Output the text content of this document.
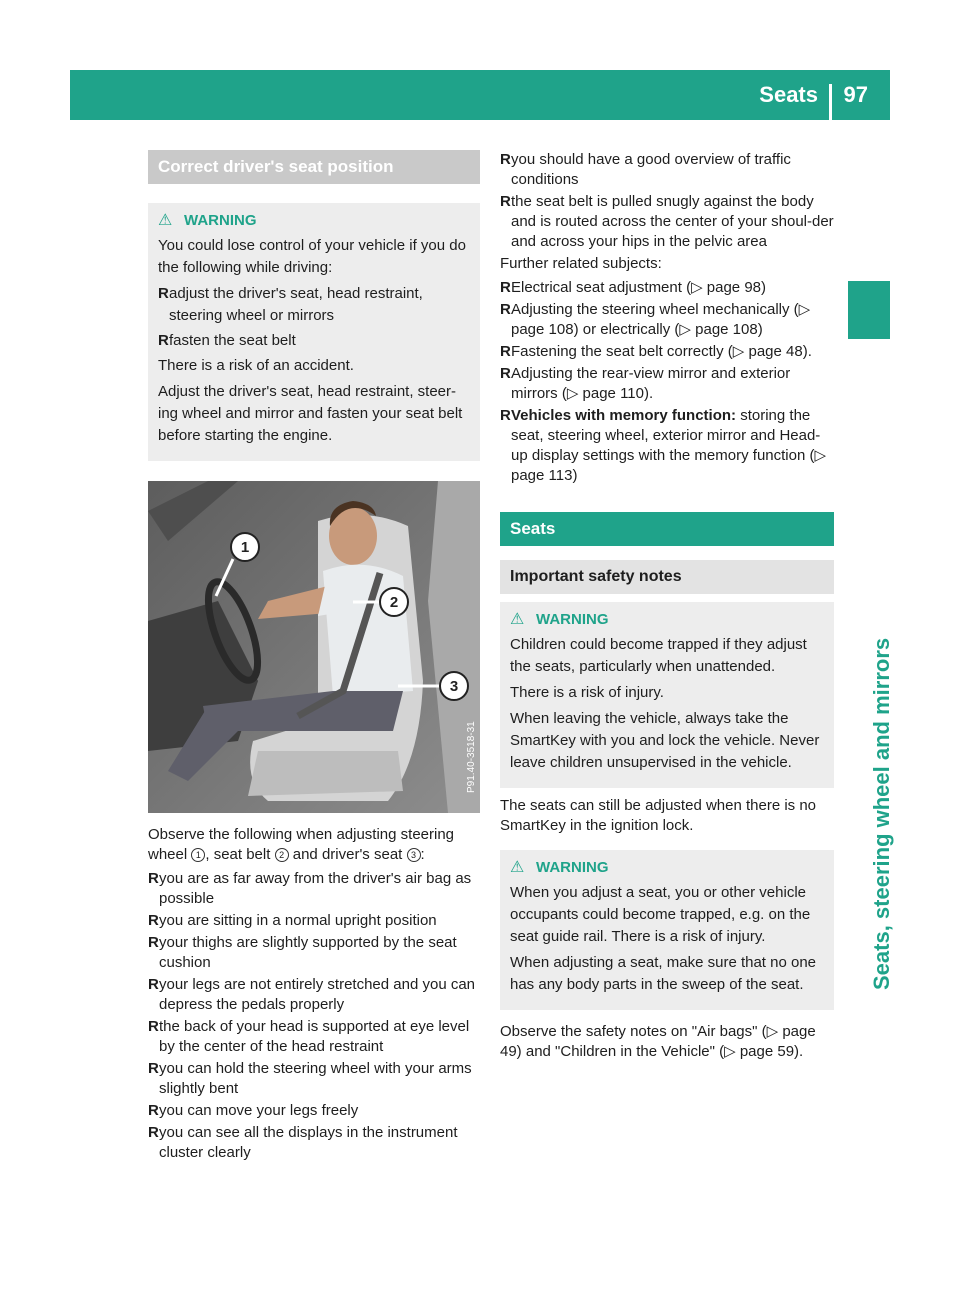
Seats 97
Seats, steering wheel and mirrors
Correct driver's seat position
⚠ WARNING

You could lose control of your vehicle if you do the following while driving:

R adjust the driver's seat, head restraint, steering wheel or mirrors
R fasten the seat belt

There is a risk of an accident.

Adjust the driver's seat, head restraint, steer-ing wheel and mirror and fasten your seat belt before starting the engine.

1
2
3
P91.40-3518-31

Observe the following when adjusting steering wheel 1 , seat belt 2 and driver's seat 3 :

R you are as far away from the driver's air bag as possible
R you are sitting in a normal upright position
R your thighs are slightly supported by the seat cushion
R your legs are not entirely stretched and you can depress the pedals properly
R the back of your head is supported at eye level by the center of the head restraint
R you can hold the steering wheel with your arms slightly bent
R you can move your legs freely
R you can see all the displays in the instrument cluster clearly
R you should have a good overview of traffic conditions
R the seat belt is pulled snugly against the body and is routed across the center of your shoul-der and across your hips in the pelvic area

Further related subjects:

R Electrical seat adjustment (▷ page 98)
R Adjusting the steering wheel mechanically (▷ page 108) or electrically (▷ page 108)
R Fastening the seat belt correctly (▷ page 48).
R Adjusting the rear-view mirror and exterior mirrors (▷ page 110).
R Vehicles with memory function: storing the seat, steering wheel, exterior mirror and Head-up display settings with the memory function (▷ page 113)
Seats
Important safety notes
⚠ WARNING

Children could become trapped if they adjust the seats, particularly when unattended.

There is a risk of injury.

When leaving the vehicle, always take the SmartKey with you and lock the vehicle. Never leave children unsupervised in the vehicle.

The seats can still be adjusted when there is no SmartKey in the ignition lock.

⚠ WARNING

When you adjust a seat, you or other vehicle occupants could become trapped, e.g. on the seat guide rail. There is a risk of injury.

When adjusting a seat, make sure that no one has any body parts in the sweep of the seat.

Observe the safety notes on "Air bags" (▷ page 49) and "Children in the Vehicle" (▷ page 59).
